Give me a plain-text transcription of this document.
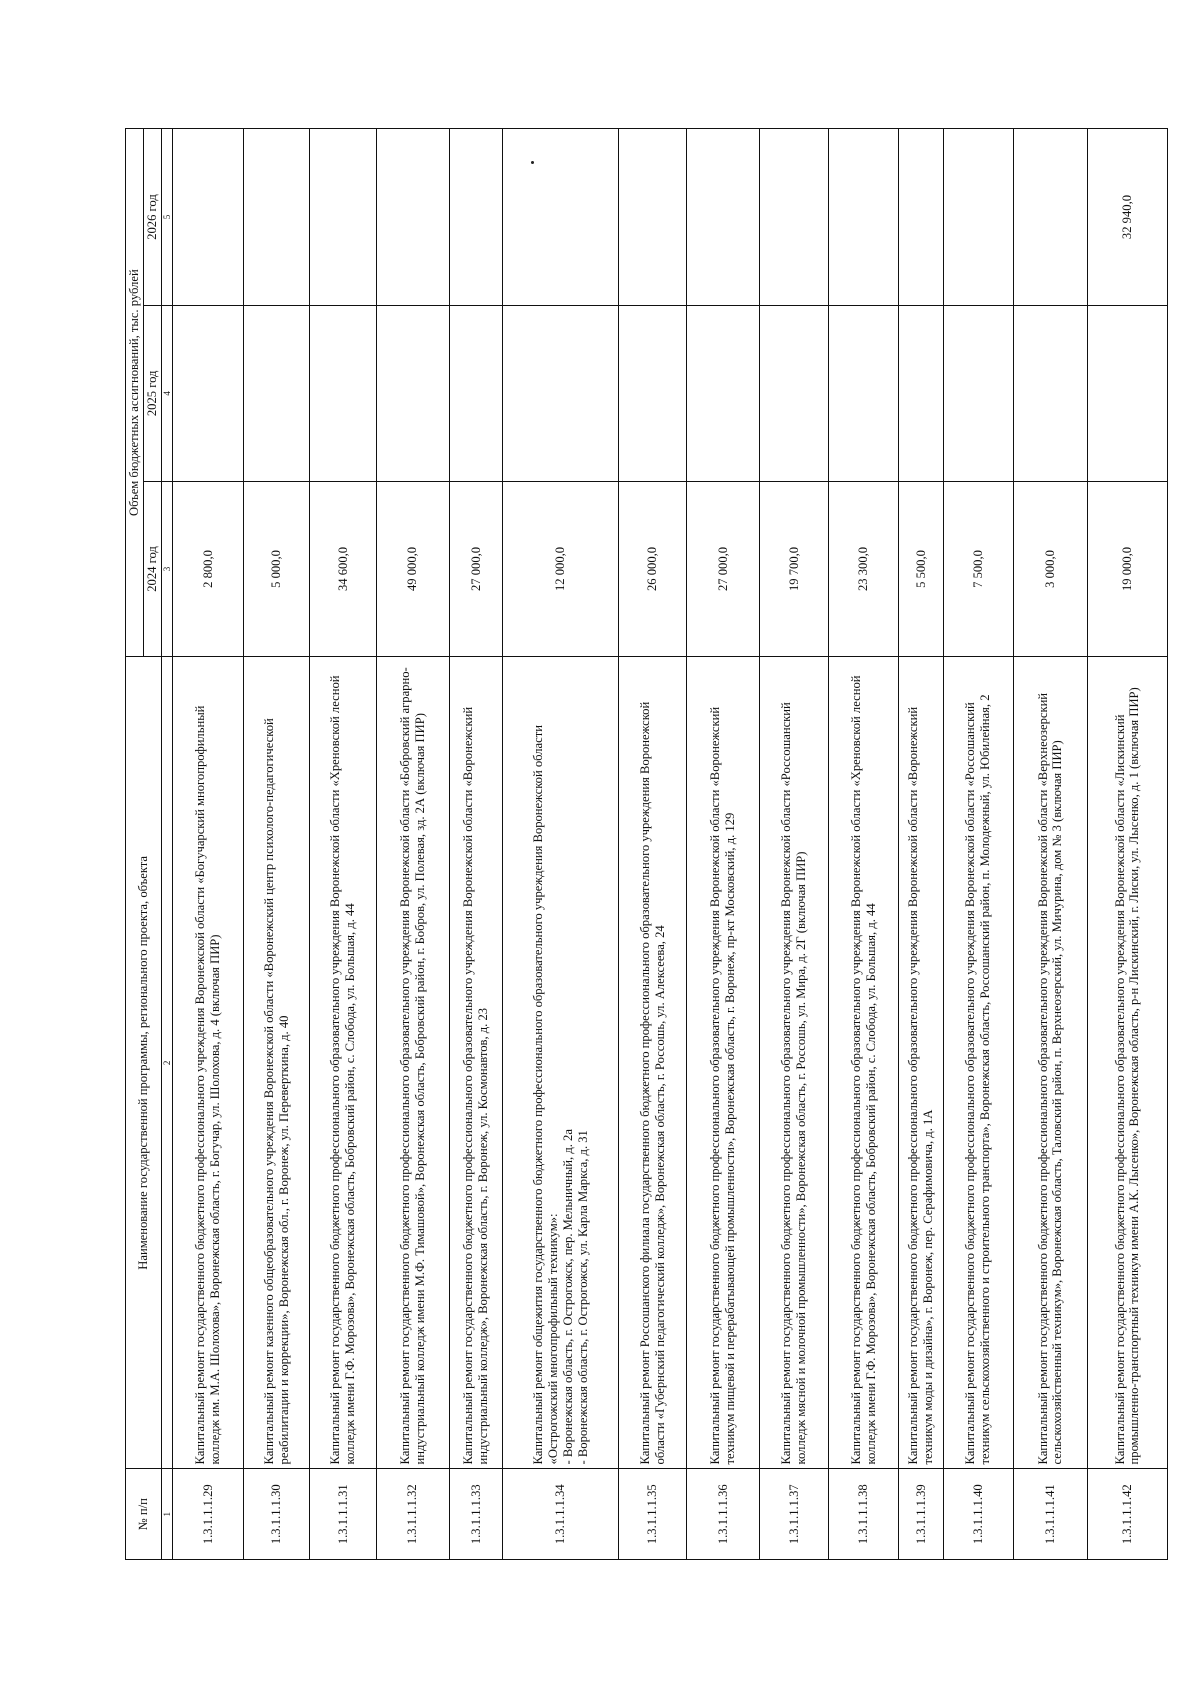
№ п/п	Наименование государственной программы, регионального проекта, объекта	Объем бюджетных ассигнований, тыс. рублей		
		2024 год	2025 год	2026 год
1	2	3	4	5
1.3.1.1.1.29	Капитальный ремонт государственного бюджетного профессионального учреждения Воронежской области «Богучарский многопрофильный колледж им. М.А. Шолохова», Воронежская область, г. Богучар, ул. Шолохова, д. 4 (включая ПИР)	2 800,0		
1.3.1.1.1.30	Капитальный ремонт казенного общеобразовательного учреждения Воронежской области «Воронежский центр психолого-педагогической реабилитации и коррекции», Воронежская обл., г. Воронеж, ул. Переверткина, д. 40	5 000,0		
1.3.1.1.1.31	Капитальный ремонт государственного бюджетного профессионального образовательного учреждения Воронежской области «Хреновской лесной колледж имени Г.Ф. Морозова», Воронежская область, Бобровский район, с. Слобода, ул. Большая, д. 44	34 600,0		
1.3.1.1.1.32	Капитальный ремонт государственного бюджетного профессионального образовательного учреждения Воронежской области «Бобровский аграрно-индустриальный колледж имени М.Ф. Тимашовой», Воронежская область, Бобровский район, г. Бобров, ул. Полевая, зд. 2А (включая ПИР)	49 000,0		
1.3.1.1.1.33	Капитальный ремонт государственного бюджетного профессионального образовательного учреждения Воронежской области «Воронежский индустриальный колледж», Воронежская область, г. Воронеж, ул. Космонавтов, д. 23	27 000,0		
1.3.1.1.1.34	Капитальный ремонт общежития государственного бюджетного профессионального образовательного учреждения Воронежской области «Острогожский многопрофильный техникум»: - Воронежская область, г. Острогожск, пер. Мельничный, д. 2а - Воронежская область, г. Острогожск, ул. Карла Маркса, д. 31	12 000,0		
1.3.1.1.1.35	Капитальный ремонт Россошанского филиала государственного бюджетного профессионального образовательного учреждения Воронежской области «Губернский педагогический колледж», Воронежская область, г. Россошь, ул. Алексеева, 24	26 000,0		
1.3.1.1.1.36	Капитальный ремонт государственного бюджетного профессионального образовательного учреждения Воронежской области «Воронежский техникум пищевой и перерабатывающей промышленности», Воронежская область, г. Воронеж, пр-кт Московский, д. 129	27 000,0		
1.3.1.1.1.37	Капитальный ремонт государственного бюджетного профессионального образовательного учреждения Воронежской области «Россошанский колледж мясной и молочной промышленности», Воронежская область, г. Россошь, ул. Мира, д. 2Г (включая ПИР)	19 700,0		
1.3.1.1.1.38	Капитальный ремонт государственного бюджетного профессионального образовательного учреждения Воронежской области «Хреновской лесной колледж имени Г.Ф. Морозова», Воронежская область, Бобровский район, с. Слобода, ул. Большая, д. 44	23 300,0		
1.3.1.1.1.39	Капитальный ремонт государственного бюджетного профессионального образовательного учреждения Воронежской области «Воронежский техникум моды и дизайна», г. Воронеж, пер. Серафимовича, д. 1А	5 500,0		
1.3.1.1.1.40	Капитальный ремонт государственного бюджетного профессионального образовательного учреждения Воронежской области «Россошанский техникум сельскохозяйственного и строительного транспорта», Воронежская область, Россошанский район, п. Молодежный, ул. Юбилейная, 2	7 500,0		
1.3.1.1.1.41	Капитальный ремонт государственного бюджетного профессионального образовательного учреждения Воронежской области «Верхнеозерский сельскохозяйственный техникум», Воронежская область, Таловский район, п. Верхнеозерский, ул. Мичурина, дом № 3 (включая ПИР)	3 000,0		
1.3.1.1.1.42	Капитальный ремонт государственного бюджетного профессионального образовательного учреждения Воронежской области «Лискинский промышленно-транспортный техникум имени А.К. Лысенко», Воронежская область, р-н Лискинский, г. Лиски, ул. Лысенко, д. 1 (включая ПИР)	19 000,0		32 940,0
